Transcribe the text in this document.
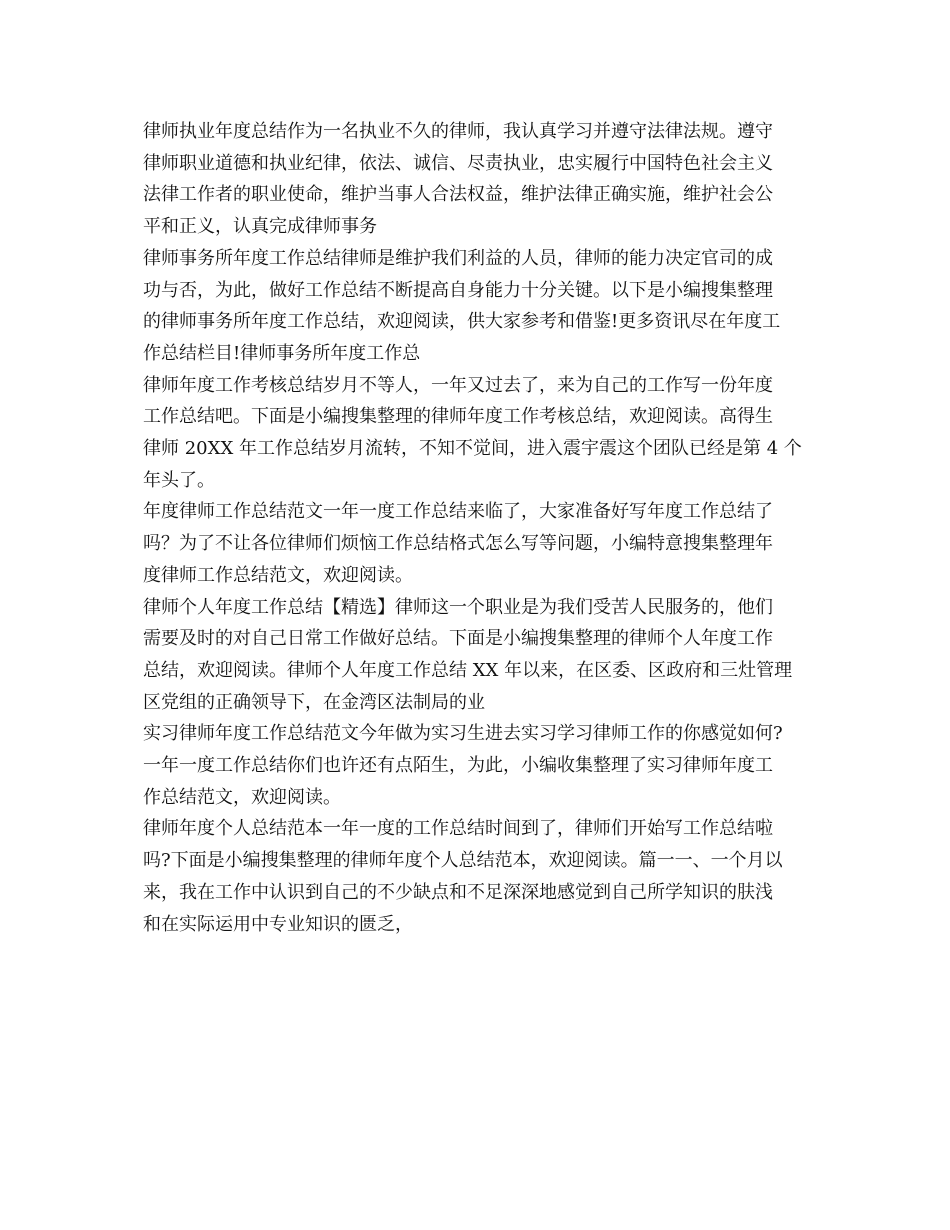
律师执业年度总结作为一名执业不久的律师，我认真学习并遵守法律法规。遵守
律师职业道德和执业纪律，依法、诚信、尽责执业，忠实履行中国特色社会主义
法律工作者的职业使命，维护当事人合法权益，维护法律正确实施，维护社会公
平和正义，认真完成律师事务

律师事务所年度工作总结律师是维护我们利益的人员，律师的能力决定官司的成
功与否，为此，做好工作总结不断提高自身能力十分关键。以下是小编搜集整理
的律师事务所年度工作总结，欢迎阅读，供大家参考和借鉴!更多资讯尽在年度工
作总结栏目!律师事务所年度工作总

律师年度工作考核总结岁月不等人，一年又过去了，来为自己的工作写一份年度
工作总结吧。下面是小编搜集整理的律师年度工作考核总结，欢迎阅读。高得生
律师 20XX 年工作总结岁月流转，不知不觉间，进入震宇震这个团队已经是第 4 个
年头了。

年度律师工作总结范文一年一度工作总结来临了，大家准备好写年度工作总结了
吗？为了不让各位律师们烦恼工作总结格式怎么写等问题，小编特意搜集整理年
度律师工作总结范文，欢迎阅读。

律师个人年度工作总结【精选】律师这一个职业是为我们受苦人民服务的，他们
需要及时的对自己日常工作做好总结。下面是小编搜集整理的律师个人年度工作
总结，欢迎阅读。律师个人年度工作总结 XX 年以来，在区委、区政府和三灶管理
区党组的正确领导下，在金湾区法制局的业

实习律师年度工作总结范文今年做为实习生进去实习学习律师工作的你感觉如何?
一年一度工作总结你们也许还有点陌生，为此，小编收集整理了实习律师年度工
作总结范文，欢迎阅读。

律师年度个人总结范本一年一度的工作总结时间到了，律师们开始写工作总结啦
吗?下面是小编搜集整理的律师年度个人总结范本，欢迎阅读。篇一一、一个月以
来，我在工作中认识到自己的不少缺点和不足深深地感觉到自己所学知识的肤浅
和在实际运用中专业知识的匮乏，
